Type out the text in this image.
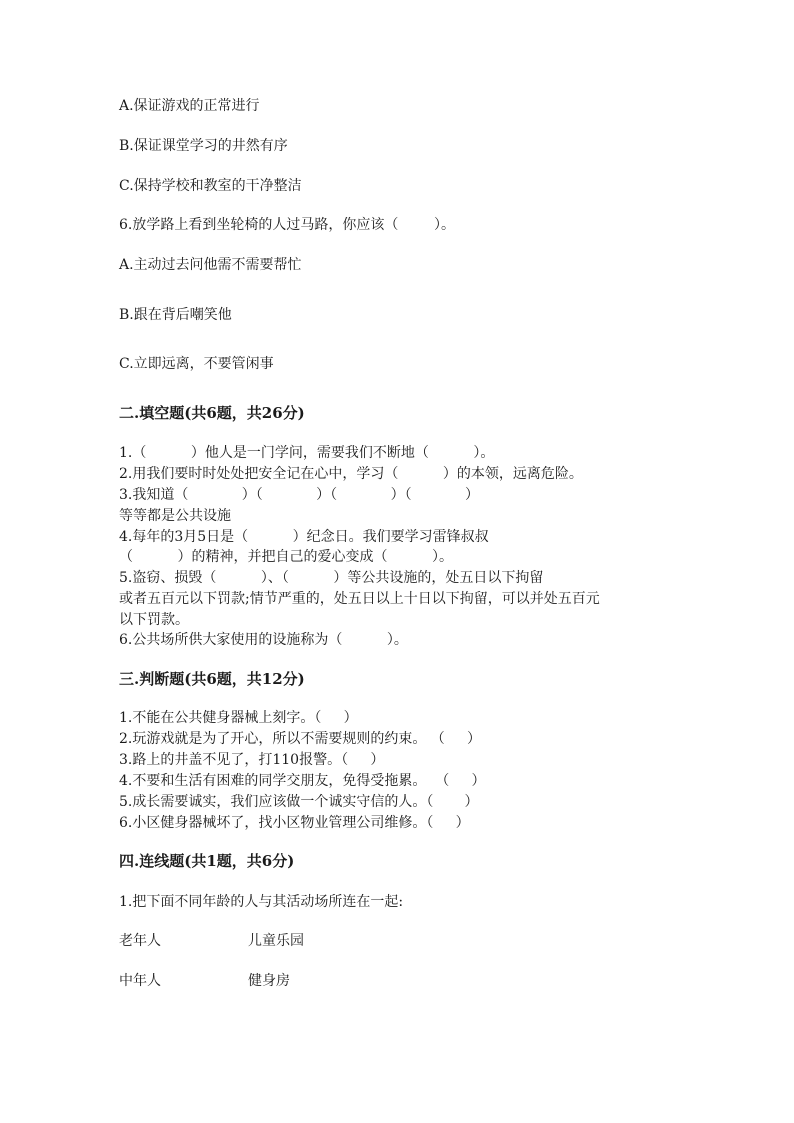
A.保证游戏的正常进行
B.保证课堂学习的井然有序
C.保持学校和教室的干净整洁
6.放学路上看到坐轮椅的人过马路，你应该（        ）。
A.主动过去问他需不需要帮忙
B.跟在背后嘲笑他
C.立即远离，不要管闲事
二.填空题(共6题，共26分)
1.（          ）他人是一门学问，需要我们不断地（          ）。
2.用我们要时时处处把安全记在心中，学习（          ）的本领，远离危险。
3.我知道（            ）（            ）（            ）（            ）
等等都是公共设施
4.每年的3月5日是（          ）纪念日。我们要学习雷锋叔叔
（          ）的精神，并把自己的爱心变成（          ）。
5.盗窃、损毁（          ）、（          ）等公共设施的，处五日以下拘留
或者五百元以下罚款;情节严重的，处五日以上十日以下拘留，可以并处五百元
以下罚款。
6.公共场所供大家使用的设施称为（          ）。
三.判断题(共6题，共12分)
1.不能在公共健身器械上刻字。（     ）
2.玩游戏就是为了开心，所以不需要规则的约束。 （     ）
3.路上的井盖不见了，打110报警。（     ）
4.不要和生活有困难的同学交朋友，免得受拖累。  （     ）
5.成长需要诚实，我们应该做一个诚实守信的人。（       ）
6.小区健身器械坏了，找小区物业管理公司维修。（     ）
四.连线题(共1题，共6分)
1.把下面不同年龄的人与其活动场所连在一起:
老年人	儿童乐园
中年人	健身房
